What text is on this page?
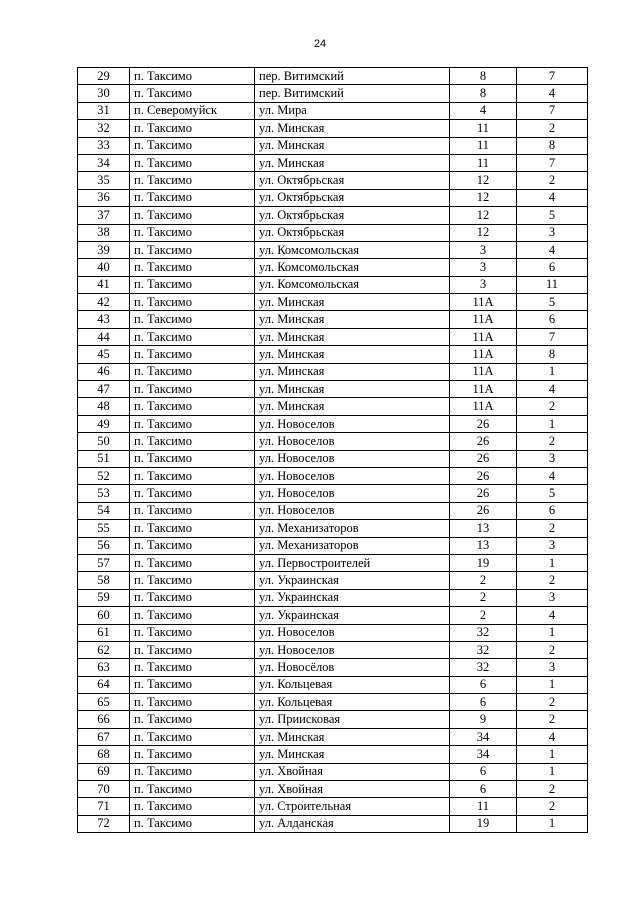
24
29	п. Таксимо	пер. Витимский	8	7
30	п. Таксимо	пер. Витимский	8	4
31	п. Северомуйск	ул. Мира	4	7
32	п. Таксимо	ул. Минская	11	2
33	п. Таксимо	ул. Минская	11	8
34	п. Таксимо	ул. Минская	11	7
35	п. Таксимо	ул. Октябрьская	12	2
36	п. Таксимо	ул. Октябрьская	12	4
37	п. Таксимо	ул. Октябрьская	12	5
38	п. Таксимо	ул. Октябрьская	12	3
39	п. Таксимо	ул. Комсомольская	3	4
40	п. Таксимо	ул. Комсомольская	3	6
41	п. Таксимо	ул. Комсомольская	3	11
42	п. Таксимо	ул. Минская	11А	5
43	п. Таксимо	ул. Минская	11А	6
44	п. Таксимо	ул. Минская	11А	7
45	п. Таксимо	ул. Минская	11А	8
46	п. Таксимо	ул. Минская	11А	1
47	п. Таксимо	ул. Минская	11А	4
48	п. Таксимо	ул. Минская	11А	2
49	п. Таксимо	ул. Новоселов	26	1
50	п. Таксимо	ул. Новоселов	26	2
51	п. Таксимо	ул. Новоселов	26	3
52	п. Таксимо	ул. Новоселов	26	4
53	п. Таксимо	ул. Новоселов	26	5
54	п. Таксимо	ул. Новоселов	26	6
55	п. Таксимо	ул. Механизаторов	13	2
56	п. Таксимо	ул. Механизаторов	13	3
57	п. Таксимо	ул. Первостроителей	19	1
58	п. Таксимо	ул. Украинская	2	2
59	п. Таксимо	ул. Украинская	2	3
60	п. Таксимо	ул. Украинская	2	4
61	п. Таксимо	ул. Новоселов	32	1
62	п. Таксимо	ул. Новоселов	32	2
63	п. Таксимо	ул. Новосёлов	32	3
64	п. Таксимо	ул. Кольцевая	6	1
65	п. Таксимо	ул. Кольцевая	6	2
66	п. Таксимо	ул. Приисковая	9	2
67	п. Таксимо	ул. Минская	34	4
68	п. Таксимо	ул. Минская	34	1
69	п. Таксимо	ул. Хвойная	6	1
70	п. Таксимо	ул. Хвойная	6	2
71	п. Таксимо	ул. Строительная	11	2
72	п. Таксимо	ул. Алданская	19	1
